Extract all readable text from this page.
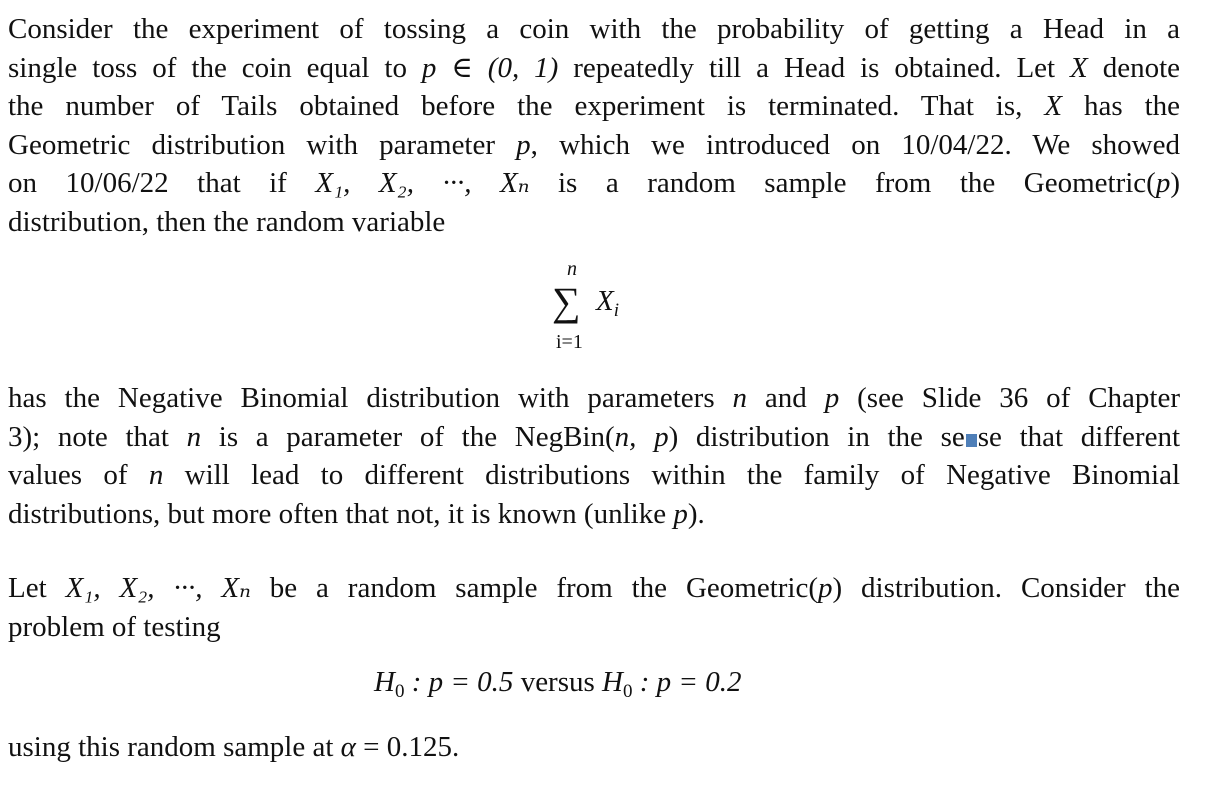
Consider the experiment of tossing a coin with the probability of getting a Head in a
single toss of the coin equal to p ∈ (0, 1) repeatedly till a Head is obtained. Let X denote
the number of Tails obtained before the experiment is terminated. That is, X has the
Geometric distribution with parameter p, which we introduced on 10/04/22. We showed
on 10/06/22 that if X₁, X₂, ···, Xₙ is a random sample from the Geometric(p)
distribution, then the random variable
n
∑ $X_i$
i=1
has the Negative Binomial distribution with parameters n and p (see Slide 36 of Chapter
3); note that n is a parameter of the NegBin(n, p) distribution in the se se that different
values of n will lead to different distributions within the family of Negative Binomial
distributions, but more often that not, it is known (unlike p).
Let X₁, X₂, ···, Xₙ be a random sample from the Geometric(p) distribution. Consider the
problem of testing
$H_0$ : p = 0.5 versus $H_0$ : p = 0.2
using this random sample at α = 0.125.
